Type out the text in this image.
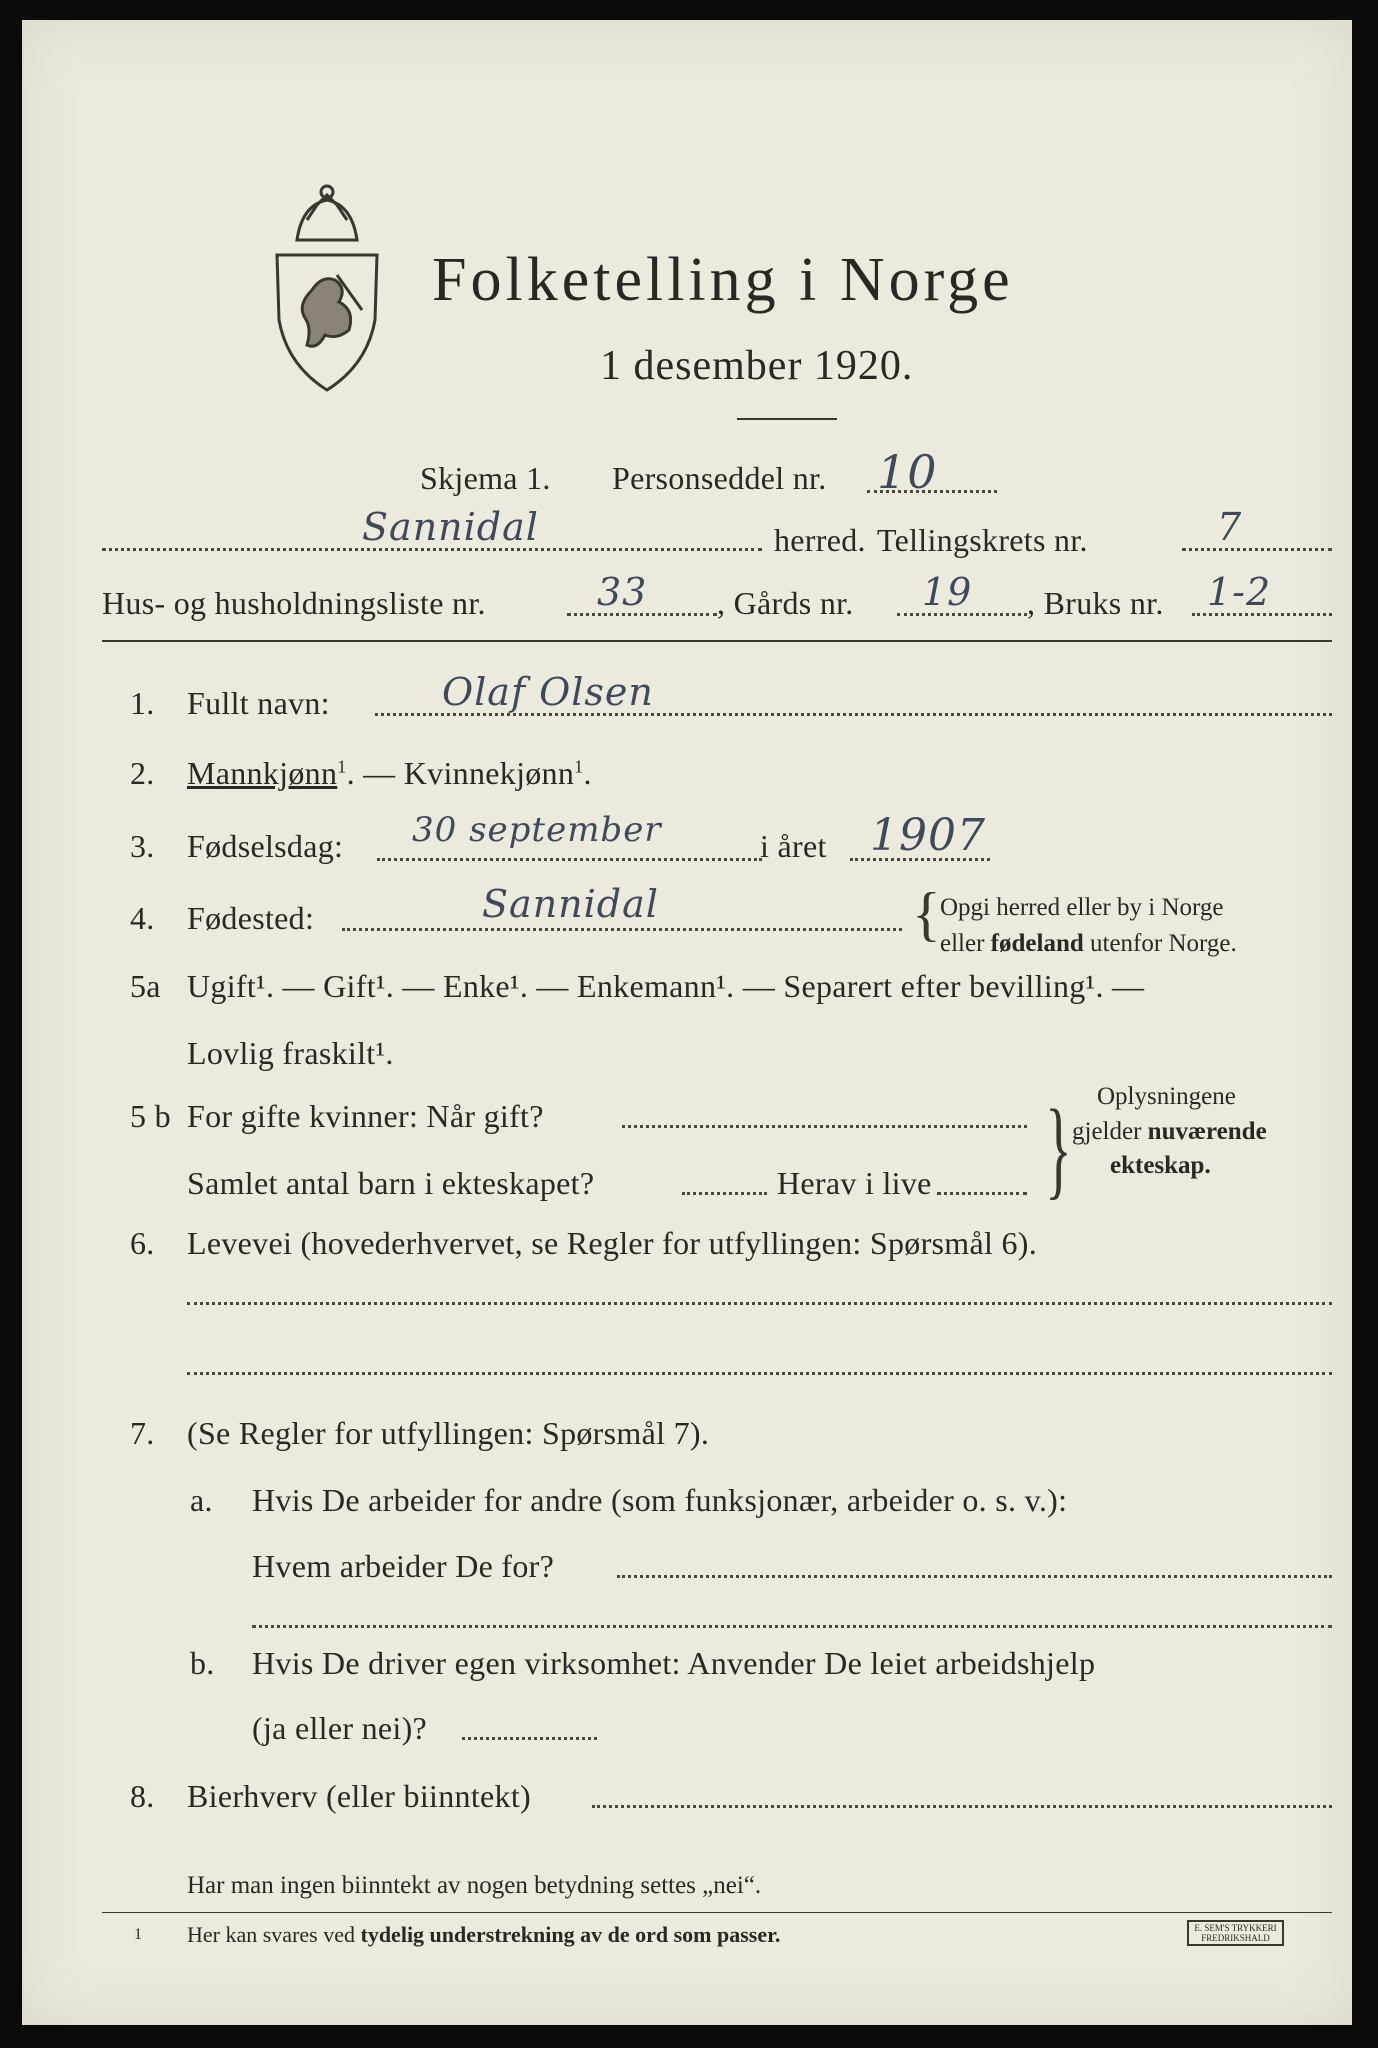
Folketelling i Norge
1 desember 1920.
Skjema 1. Personseddel nr. 10
Sannidal	herred. Tellingskrets nr.	7
Hus- og husholdningsliste nr.	33 , Gårds nr. 19 , Bruks nr. 1-2
1. Fullt navn:	Olaf Olsen
2. Mannkjønn$^1$. — Kvinnekjønn$^1$.
3. Fødselsdag: 30 september	i året 1907
4. Fødested:	Sannidal	{ Opgi herred eller by i Norge
eller fødeland utenfor Norge.
5a Ugift¹. — Gift¹. — Enke¹. — Enkemann¹. — Separert efter bevilling¹. —
Lovlig fraskilt¹.
5 b For gifte kvinner: Når gift?
Samlet antal barn i ekteskapet?	Herav i live } Oplysningene
gjelder nuværende
ekteskap.
6. Levevei (hovederhvervet, se Regler for utfyllingen: Spørsmål 6).
7. (Se Regler for utfyllingen: Spørsmål 7).
a. Hvis De arbeider for andre (som funksjonær, arbeider o. s. v.):
Hvem arbeider De for?
b. Hvis De driver egen virksomhet: Anvender De leiet arbeidshjelp
(ja eller nei)?
8. Bierhverv (eller biinntekt)
Har man ingen biinntekt av nogen betydning settes „nei“.
1 Her kan svares ved tydelig understrekning av de ord som passer.	E. SEM'S TRYKKERI FREDRIKSHALD
